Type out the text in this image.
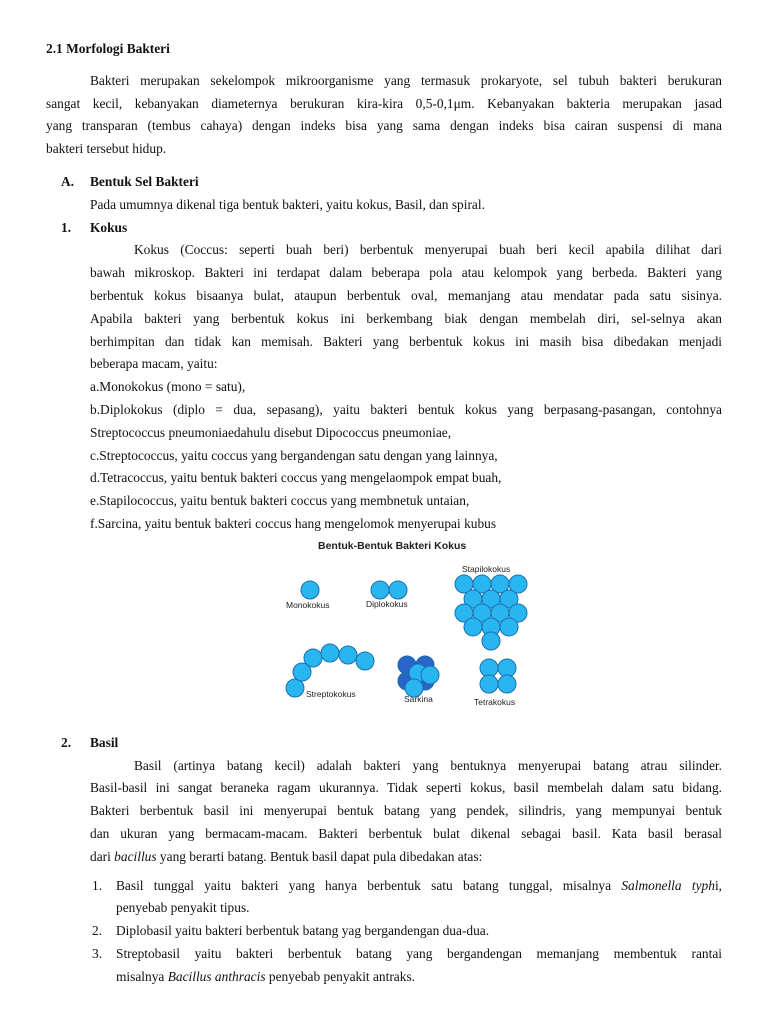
2.1 Morfologi Bakteri
Bakteri merupakan sekelompok mikroorganisme yang termasuk prokaryote, sel tubuh bakteri berukuran
sangat kecil, kebanyakan diameternya berukuran kira-kira 0,5-0,1μm. Kebanyakan bakteria merupakan jasad
yang transparan (tembus cahaya) dengan indeks bisa yang sama dengan indeks bisa cairan suspensi di mana
bakteri tersebut hidup.
A.	Bentuk Sel Bakteri
Pada umumnya dikenal tiga bentuk bakteri, yaitu kokus, Basil, dan spiral.
1.	Kokus
Kokus (Coccus: seperti buah beri) berbentuk menyerupai buah beri kecil apabila dilihat dari
bawah mikroskop. Bakteri ini terdapat dalam beberapa pola atau kelompok yang berbeda. Bakteri yang
berbentuk kokus bisaanya bulat, ataupun berbentuk oval, memanjang atau mendatar pada satu sisinya.
Apabila bakteri yang berbentuk kokus ini berkembang biak dengan membelah diri, sel-selnya akan
berhimpitan dan tidak kan memisah. Bakteri yang berbentuk kokus ini masih bisa dibedakan menjadi
beberapa macam, yaitu:
a.Monokokus (mono = satu),
b.Diplokokus (diplo = dua, sepasang), yaitu bakteri bentuk kokus yang berpasang-pasangan, contohnya
Streptococcus pneumoniaedahulu disebut Dipococcus pneumoniae,
c.Streptococcus, yaitu coccus yang bergandengan satu dengan yang lainnya,
d.Tetracoccus, yaitu bentuk bakteri coccus yang mengelaompok empat buah,
e.Stapilococcus, yaitu bentuk bakteri coccus yang membnetuk untaian,
f.Sarcina, yaitu bentuk bakteri coccus hang mengelomok menyerupai kubus
Bentuk-Bentuk Bakteri Kokus
Monokokus	Diplokokus
Stapilokokus
Streptokokus	Sarkina	Tetrakokus
2.	Basil
Basil (artinya batang kecil) adalah bakteri yang bentuknya menyerupai batang atrau silinder.
Basil-basil ini sangat beraneka ragam ukurannya. Tidak seperti kokus, basil membelah dalam satu bidang.
Bakteri berbentuk basil ini menyerupai bentuk batang yang pendek, silindris, yang mempunyai bentuk
dan ukuran yang bermacam-macam. Bakteri berbentuk bulat dikenal sebagai basil. Kata basil berasal
dari bacillus yang berarti batang. Bentuk basil dapat pula dibedakan atas:
1.	Basil tunggal yaitu bakteri yang hanya berbentuk satu batang tunggal, misalnya Salmonella typhi,
penyebab penyakit tipus.
2.	Diplobasil yaitu bakteri berbentuk batang yag bergandengan dua-dua.
3.	Streptobasil yaitu bakteri berbentuk batang yang bergandengan memanjang membentuk rantai
misalnya Bacillus anthracis penyebab penyakit antraks.
